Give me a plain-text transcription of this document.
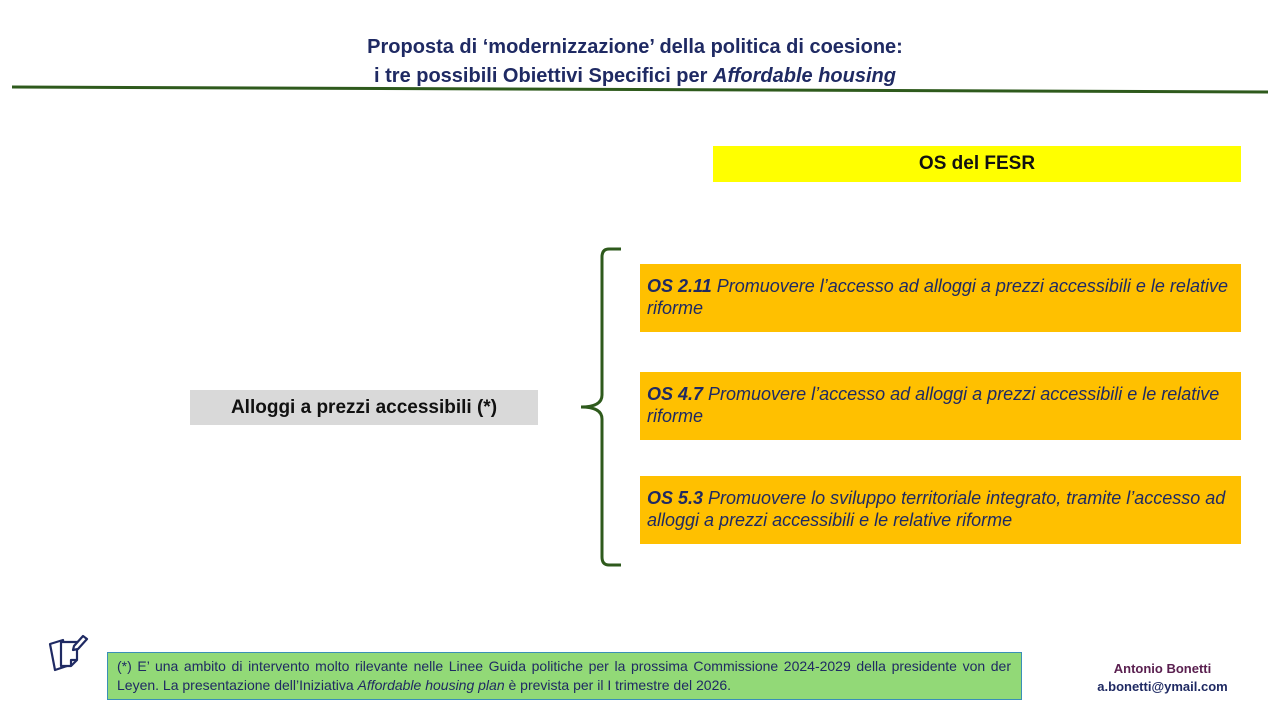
Proposta di ‘modernizzazione’ della politica di coesione:
i tre possibili Obiettivi Specifici per Affordable housing
OS del FESR
Alloggi a prezzi accessibili (*)
OS 2.11 Promuovere l’accesso ad alloggi a prezzi accessibili e le relative riforme
OS 4.7 Promuovere l’accesso ad alloggi a prezzi accessibili e le relative riforme
OS 5.3 Promuovere lo sviluppo territoriale integrato, tramite l’accesso ad alloggi a prezzi accessibili e le relative riforme
(*) E’ una ambito di intervento molto rilevante nelle Linee Guida politiche per la prossima Commissione 2024-2029 della presidente von der Leyen. La presentazione dell’Iniziativa Affordable housing plan è prevista per il I trimestre del 2026.
Antonio Bonetti
a.bonetti@ymail.com
